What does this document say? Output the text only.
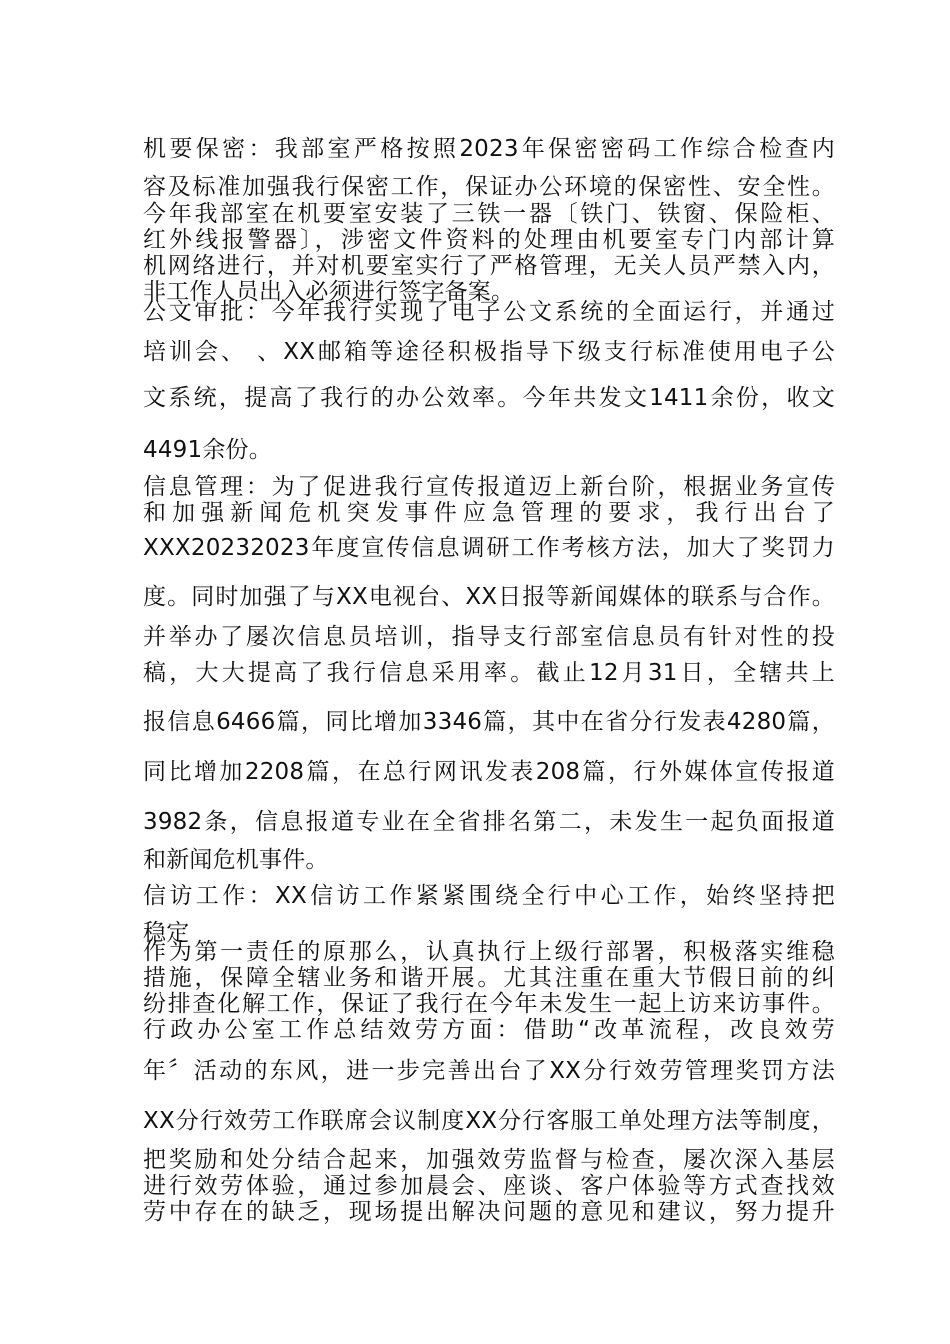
机要保密：我部室严格按照2023年保密密码工作综合检查内
容及标准加强我行保密工作，保证办公环境的保密性、安全性。
今年我部室在机要室安装了三铁一器〔铁门、铁窗、保险柜、
红外线报警器〕，涉密文件资料的处理由机要室专门内部计算
机网络进行，并对机要室实行了严格管理，无关人员严禁入内，
非工作人员出入必须进行签字备案。
公文审批：今年我行实现了电子公文系统的全面运行，并通过
培训会、 、XX邮箱等途径积极指导下级支行标准使用电子公
文系统，提高了我行的办公效率。今年共发文1411余份，收文
4491余份。
信息管理：为了促进我行宣传报道迈上新台阶，根据业务宣传
和加强新闻危机突发事件应急管理的要求，我行出台了
XXX20232023年度宣传信息调研工作考核方法，加大了奖罚力
度。同时加强了与XX电视台、XX日报等新闻媒体的联系与合作。
并举办了屡次信息员培训，指导支行部室信息员有针对性的投
稿，大大提高了我行信息采用率。截止12月31日，全辖共上
报信息6466篇，同比增加3346篇，其中在省分行发表4280篇，
同比增加2208篇，在总行网讯发表208篇，行外媒体宣传报道
3982条，信息报道专业在全省排名第二，未发生一起负面报道
和新闻危机事件。
信访工作：XX信访工作紧紧围绕全行中心工作，始终坚持把
稳定
作为第一责任的原那么，认真执行上级行部署，积极落实维稳
措施，保障全辖业务和谐开展。尤其注重在重大节假日前的纠
纷排查化解工作，保证了我行在今年未发生一起上访来访事件。
行政办公室工作总结效劳方面：借助“改革流程，改良效劳
年〞活动的东风，进一步完善出台了XX分行效劳管理奖罚方法
XX分行效劳工作联席会议制度XX分行客服工单处理方法等制度，
把奖励和处分结合起来，加强效劳监督与检查，屡次深入基层
进行效劳体验，通过参加晨会、座谈、客户体验等方式查找效
劳中存在的缺乏，现场提出解决问题的意见和建议，努力提升
